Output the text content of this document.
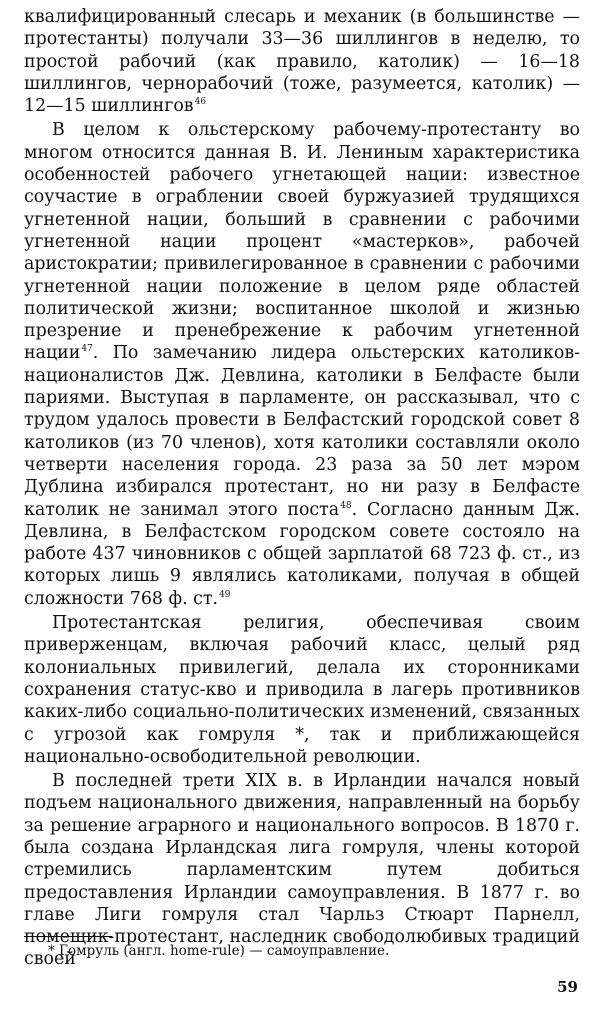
квалифицированный слесарь и механик (в большинстве — протестанты) получали 33—36 шиллингов в неделю, то простой рабочий (как правило, католик) — 16—18 шиллингов, чернорабочий (тоже, разумеется, католик) — 12—15 шиллингов$^{46}$

В целом к ольстерскому рабочему-протестанту во многом относится данная В. И. Лениным характеристика особенностей рабочего угнетающей нации: известное соучастие в ограблении своей буржуазией трудящихся угнетенной нации, больший в сравнении с рабочими угнетенной нации процент «мастерков», рабочей аристократии; привилегированное в сравнении с рабочими угнетенной нации положение в целом ряде областей политической жизни; воспитанное школой и жизнью презрение и пренебрежение к рабочим угнетенной нации$^{47}$. По замечанию лидера ольстерских католиков-националистов Дж. Девлина, католики в Белфасте были париями. Выступая в парламенте, он рассказывал, что с трудом удалось провести в Белфастский городской совет 8 католиков (из 70 членов), хотя католики составляли около четверти населения города. 23 раза за 50 лет мэром Дублина избирался протестант, но ни разу в Белфасте католик не занимал этого поста$^{48}$. Согласно данным Дж. Девлина, в Белфастском городском совете состояло на работе 437 чиновников с общей зарплатой 68 723 ф. ст., из которых лишь 9 являлись католиками, получая в общей сложности 768 ф. ст.$^{49}$

Протестантская религия, обеспечивая своим приверженцам, включая рабочий класс, целый ряд колониальных привилегий, делала их сторонниками сохранения статус-кво и приводила в лагерь противников каких-либо социально-политических изменений, связанных с угрозой как гомруля *, так и приближающейся национально-освободительной революции.

В последней трети XIX в. в Ирландии начался новый подъем национального движения, направленный на борьбу за решение аграрного и национального вопросов. В 1870 г. была создана Ирландская лига гомруля, члены которой стремились парламентским путем добиться предоставления Ирландии самоуправления. В 1877 г. во главе Лиги гомруля стал Чарльз Стюарт Парнелл, помещик-протестант, наследник свободолюбивых традиций своей

* Гомруль (англ. home-rule) — самоуправление.
59
